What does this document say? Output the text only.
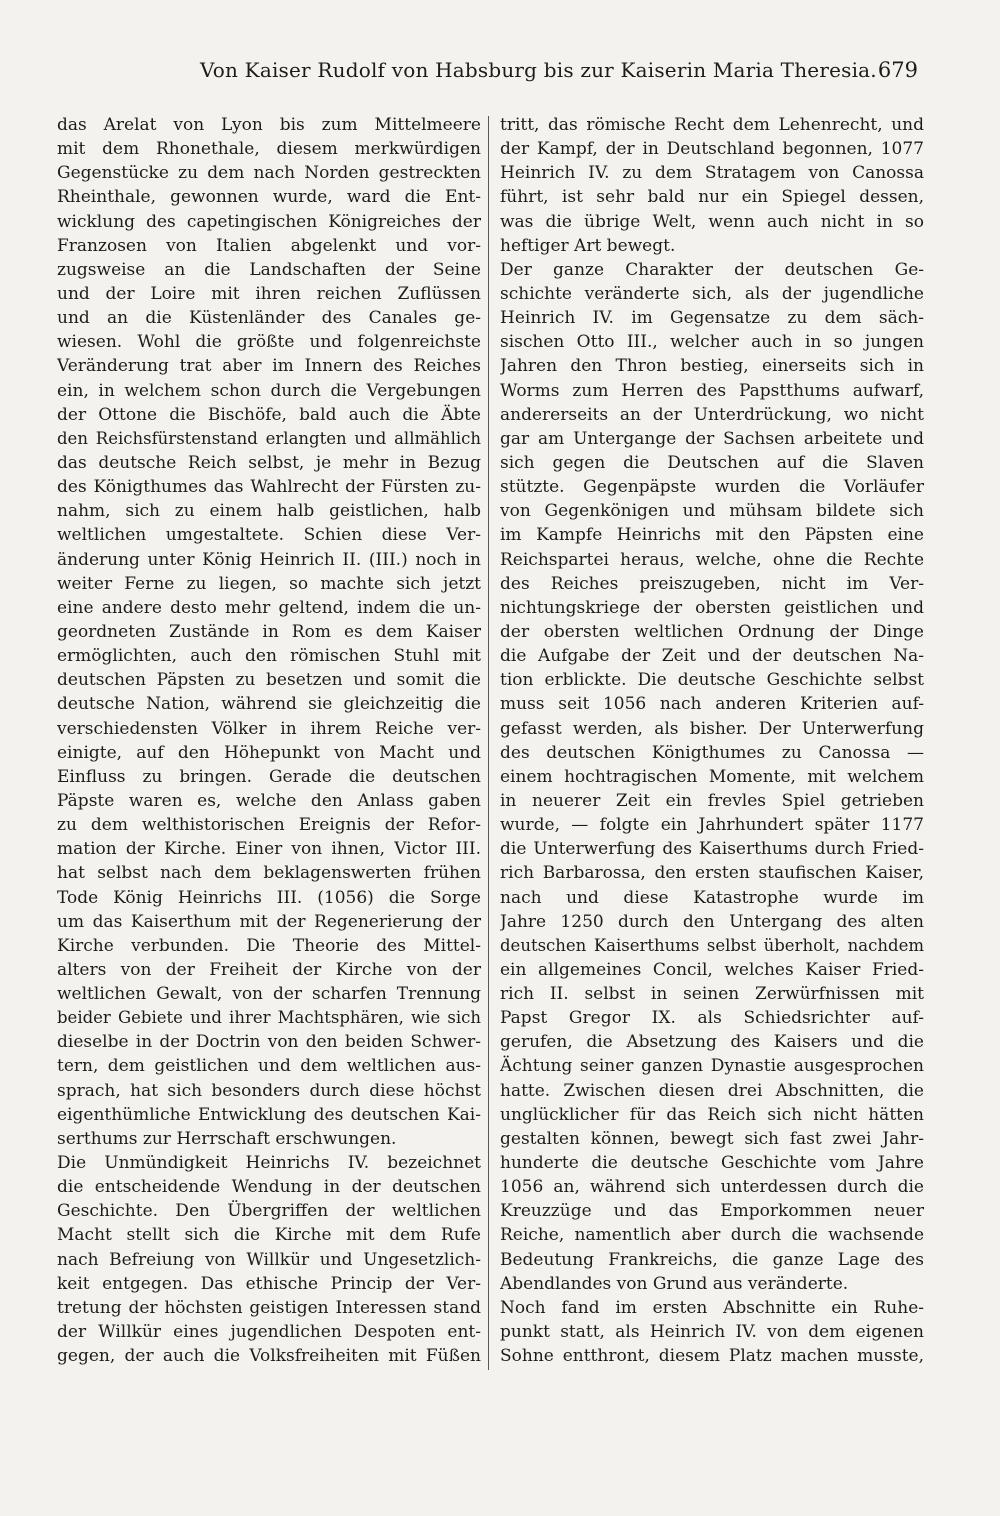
Von Kaiser Rudolf von Habsburg bis zur Kaiserin Maria Theresia. 679
das Arelat von Lyon bis zum Mittelmeere
mit dem Rhonethale, diesem merkwürdigen
Gegenstücke zu dem nach Norden gestreckten
Rheinthale, gewonnen wurde, ward die Ent-
wicklung des capetingischen Königreiches der
Franzosen von Italien abgelenkt und vor-
zugsweise an die Landschaften der Seine
und der Loire mit ihren reichen Zuflüssen
und an die Küstenländer des Canales ge-
wiesen. Wohl die größte und folgenreichste
Veränderung trat aber im Innern des Reiches
ein, in welchem schon durch die Vergebungen
der Ottone die Bischöfe, bald auch die Äbte
den Reichsfürstenstand erlangten und allmählich
das deutsche Reich selbst, je mehr in Bezug
des Königthumes das Wahlrecht der Fürsten zu-
nahm, sich zu einem halb geistlichen, halb
weltlichen umgestaltete. Schien diese Ver-
änderung unter König Heinrich II. (III.) noch in
weiter Ferne zu liegen, so machte sich jetzt
eine andere desto mehr geltend, indem die un-
geordneten Zustände in Rom es dem Kaiser
ermöglichten, auch den römischen Stuhl mit
deutschen Päpsten zu besetzen und somit die
deutsche Nation, während sie gleichzeitig die
verschiedensten Völker in ihrem Reiche ver-
einigte, auf den Höhepunkt von Macht und
Einfluss zu bringen. Gerade die deutschen
Päpste waren es, welche den Anlass gaben
zu dem welthistorischen Ereignis der Refor-
mation der Kirche. Einer von ihnen, Victor III.
hat selbst nach dem beklagenswerten frühen
Tode König Heinrichs III. (1056) die Sorge
um das Kaiserthum mit der Regenerierung der
Kirche verbunden. Die Theorie des Mittel-
alters von der Freiheit der Kirche von der
weltlichen Gewalt, von der scharfen Trennung
beider Gebiete und ihrer Machtsphären, wie sich
dieselbe in der Doctrin von den beiden Schwer-
tern, dem geistlichen und dem weltlichen aus-
sprach, hat sich besonders durch diese höchst
eigenthümliche Entwicklung des deutschen Kai-
serthums zur Herrschaft erschwungen.
Die Unmündigkeit Heinrichs IV. bezeichnet
die entscheidende Wendung in der deutschen
Geschichte. Den Übergriffen der weltlichen
Macht stellt sich die Kirche mit dem Rufe
nach Befreiung von Willkür und Ungesetzlich-
keit entgegen. Das ethische Princip der Ver-
tretung der höchsten geistigen Interessen stand
der Willkür eines jugendlichen Despoten ent-
gegen, der auch die Volksfreiheiten mit Füßen
tritt, das römische Recht dem Lehenrecht, und
der Kampf, der in Deutschland begonnen, 1077
Heinrich IV. zu dem Stratagem von Canossa
führt, ist sehr bald nur ein Spiegel dessen,
was die übrige Welt, wenn auch nicht in so
heftiger Art bewegt.
Der ganze Charakter der deutschen Ge-
schichte veränderte sich, als der jugendliche
Heinrich IV. im Gegensatze zu dem säch-
sischen Otto III., welcher auch in so jungen
Jahren den Thron bestieg, einerseits sich in
Worms zum Herren des Papstthums aufwarf,
andererseits an der Unterdrückung, wo nicht
gar am Untergange der Sachsen arbeitete und
sich gegen die Deutschen auf die Slaven
stützte. Gegenpäpste wurden die Vorläufer
von Gegenkönigen und mühsam bildete sich
im Kampfe Heinrichs mit den Päpsten eine
Reichspartei heraus, welche, ohne die Rechte
des Reiches preiszugeben, nicht im Ver-
nichtungskriege der obersten geistlichen und
der obersten weltlichen Ordnung der Dinge
die Aufgabe der Zeit und der deutschen Na-
tion erblickte. Die deutsche Geschichte selbst
muss seit 1056 nach anderen Kriterien auf-
gefasst werden, als bisher. Der Unterwerfung
des deutschen Königthumes zu Canossa —
einem hochtragischen Momente, mit welchem
in neuerer Zeit ein frevles Spiel getrieben
wurde, — folgte ein Jahrhundert später 1177
die Unterwerfung des Kaiserthums durch Fried-
rich Barbarossa, den ersten staufischen Kaiser,
nach und diese Katastrophe wurde im
Jahre 1250 durch den Untergang des alten
deutschen Kaiserthums selbst überholt, nachdem
ein allgemeines Concil, welches Kaiser Fried-
rich II. selbst in seinen Zerwürfnissen mit
Papst Gregor IX. als Schiedsrichter auf-
gerufen, die Absetzung des Kaisers und die
Ächtung seiner ganzen Dynastie ausgesprochen
hatte. Zwischen diesen drei Abschnitten, die
unglücklicher für das Reich sich nicht hätten
gestalten können, bewegt sich fast zwei Jahr-
hunderte die deutsche Geschichte vom Jahre
1056 an, während sich unterdessen durch die
Kreuzzüge und das Emporkommen neuer
Reiche, namentlich aber durch die wachsende
Bedeutung Frankreichs, die ganze Lage des
Abendlandes von Grund aus veränderte.
Noch fand im ersten Abschnitte ein Ruhe-
punkt statt, als Heinrich IV. von dem eigenen
Sohne entthront, diesem Platz machen musste,
